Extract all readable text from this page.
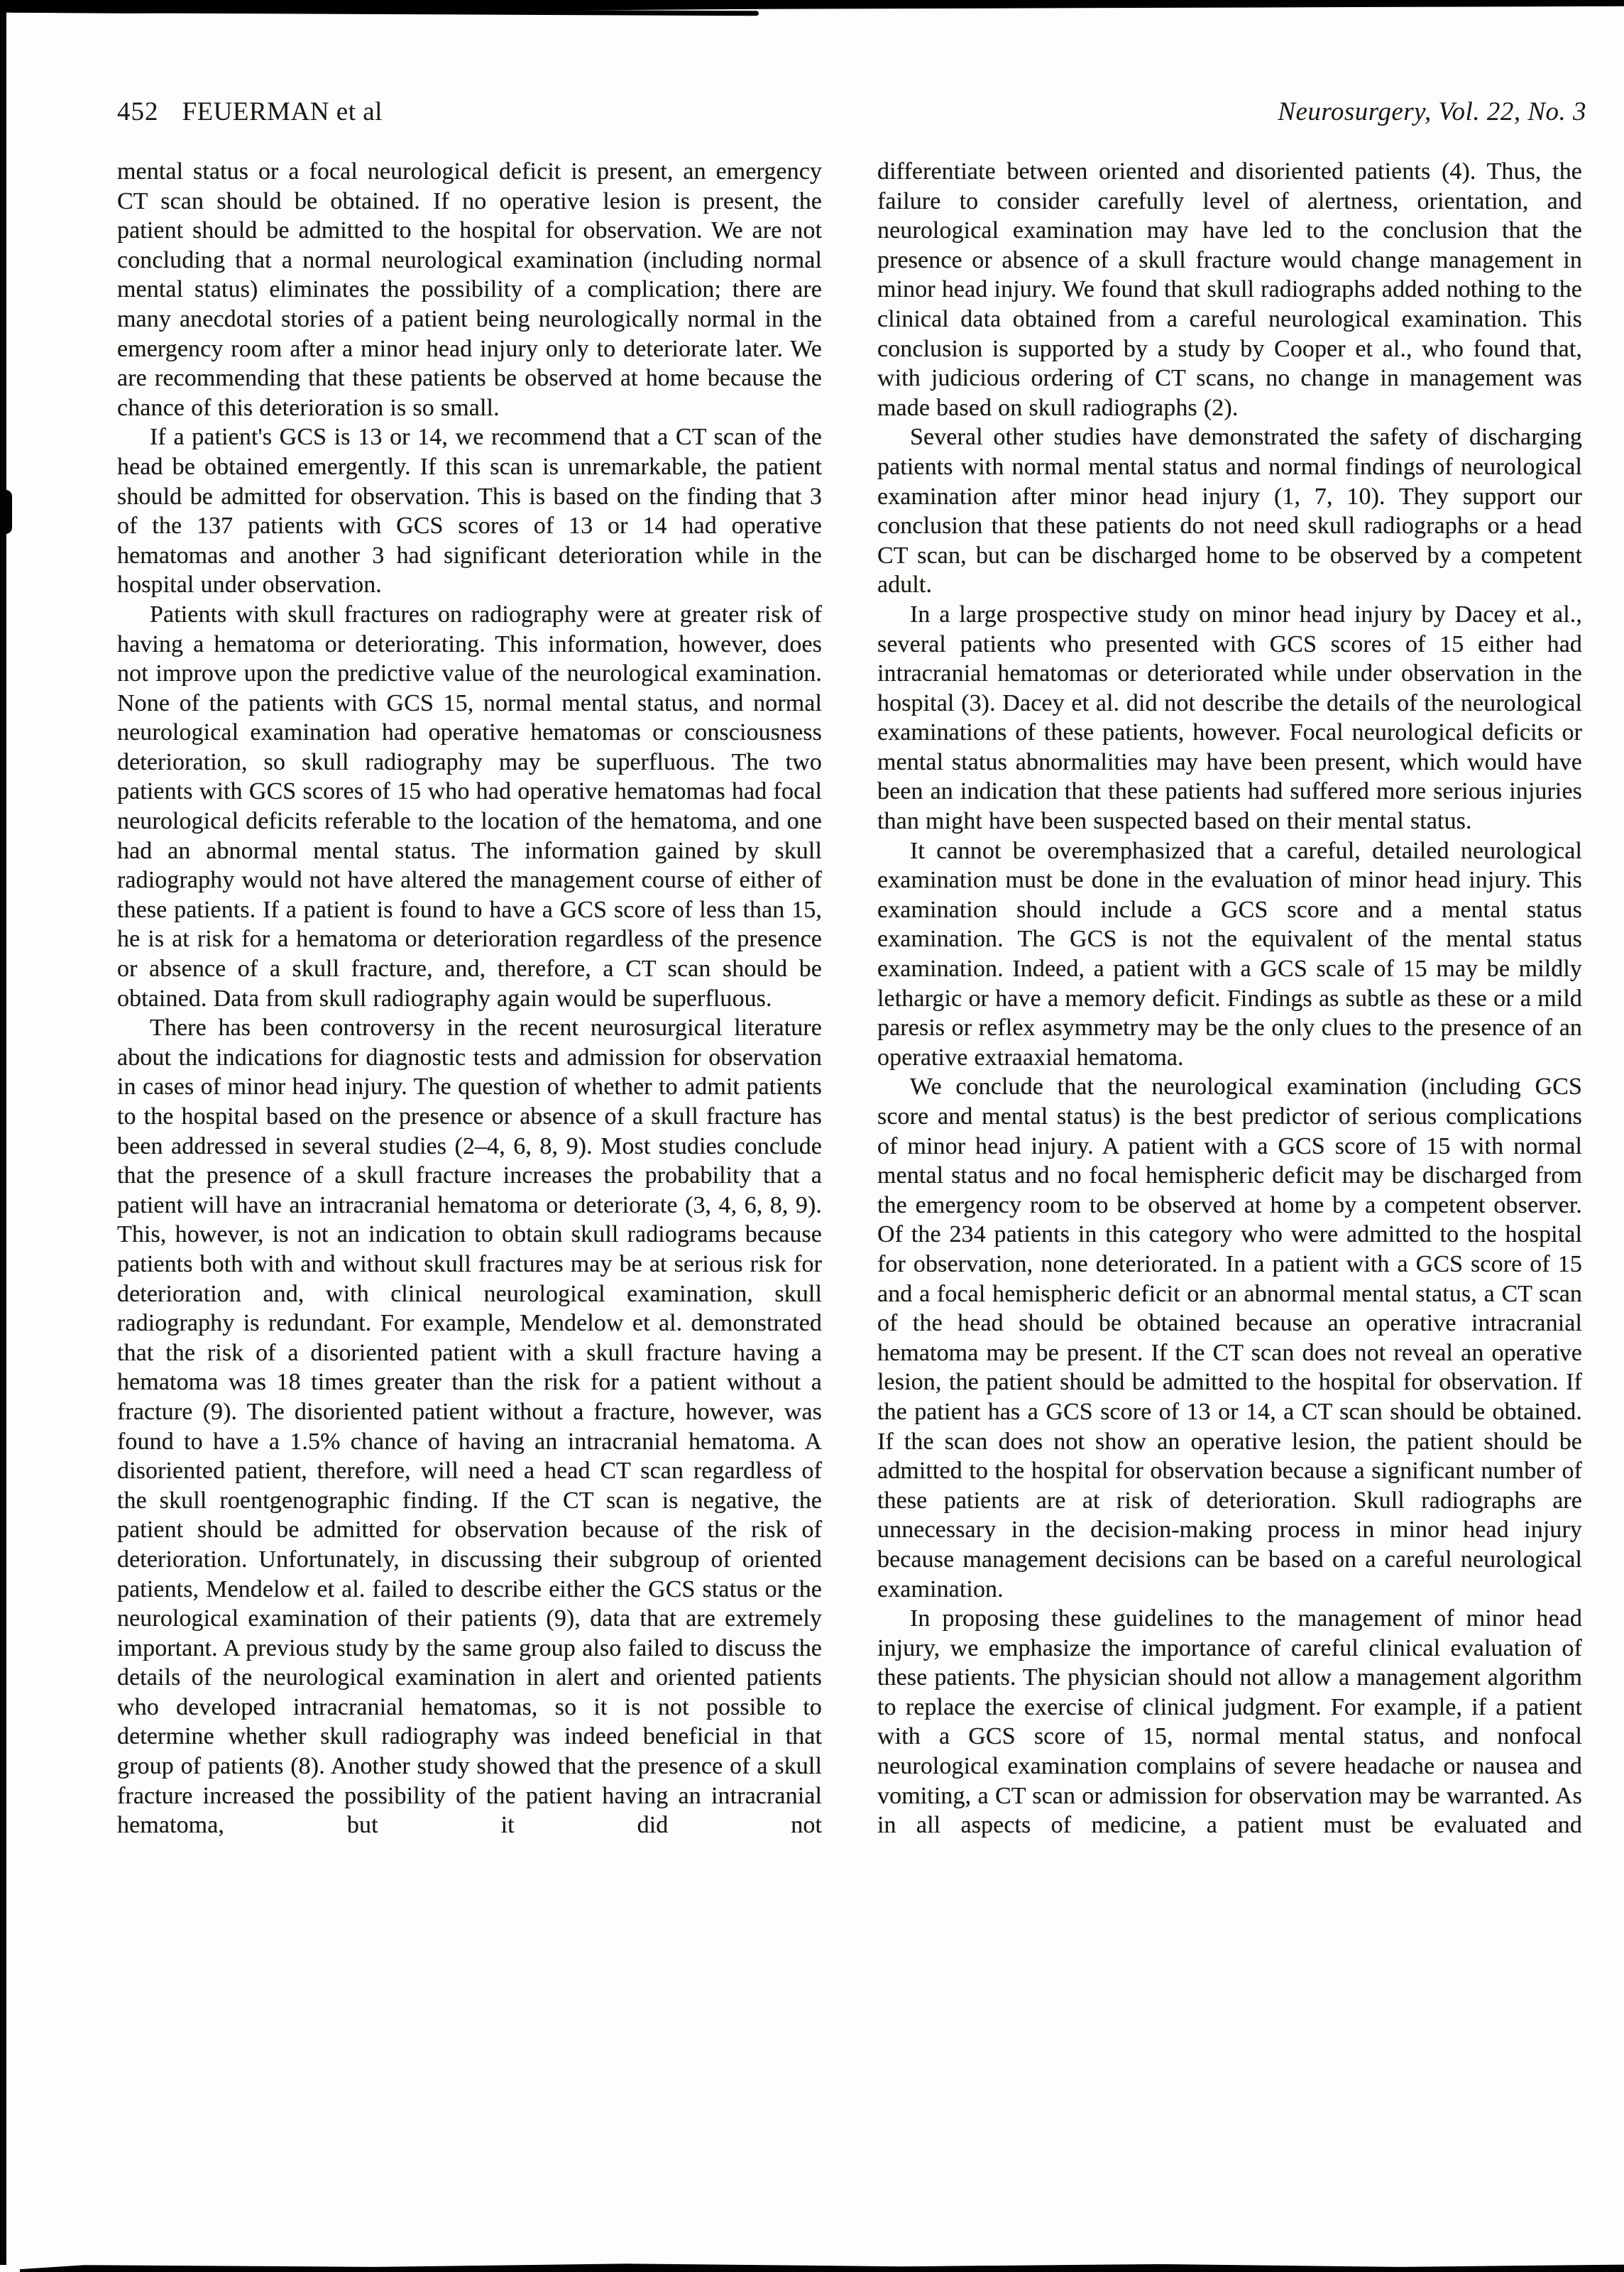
452 FEUERMAN et al	Neurosurgery, Vol. 22, No. 3

mental status or a focal neurological deficit is present, an emergency CT scan should be obtained. If no operative lesion is present, the patient should be admitted to the hospital for observation. We are not concluding that a normal neurological examination (including normal mental status) eliminates the possibility of a complication; there are many anecdotal stories of a patient being neurologically normal in the emergency room after a minor head injury only to deteriorate later. We are recommending that these patients be observed at home because the chance of this deterioration is so small.

If a patient's GCS is 13 or 14, we recommend that a CT scan of the head be obtained emergently. If this scan is unremarkable, the patient should be admitted for observation. This is based on the finding that 3 of the 137 patients with GCS scores of 13 or 14 had operative hematomas and another 3 had significant deterioration while in the hospital under observation.

Patients with skull fractures on radiography were at greater risk of having a hematoma or deteriorating. This information, however, does not improve upon the predictive value of the neurological examination. None of the patients with GCS 15, normal mental status, and normal neurological examination had operative hematomas or consciousness deterioration, so skull radiography may be superfluous. The two patients with GCS scores of 15 who had operative hematomas had focal neurological deficits referable to the location of the hematoma, and one had an abnormal mental status. The information gained by skull radiography would not have altered the management course of either of these patients. If a patient is found to have a GCS score of less than 15, he is at risk for a hematoma or deterioration regardless of the presence or absence of a skull fracture, and, therefore, a CT scan should be obtained. Data from skull radiography again would be superfluous.

There has been controversy in the recent neurosurgical literature about the indications for diagnostic tests and admission for observation in cases of minor head injury. The question of whether to admit patients to the hospital based on the presence or absence of a skull fracture has been addressed in several studies (2–4, 6, 8, 9). Most studies conclude that the presence of a skull fracture increases the probability that a patient will have an intracranial hematoma or deteriorate (3, 4, 6, 8, 9). This, however, is not an indication to obtain skull radiograms because patients both with and without skull fractures may be at serious risk for deterioration and, with clinical neurological examination, skull radiography is redundant. For example, Mendelow et al. demonstrated that the risk of a disoriented patient with a skull fracture having a hematoma was 18 times greater than the risk for a patient without a fracture (9). The disoriented patient without a fracture, however, was found to have a 1.5% chance of having an intracranial hematoma. A disoriented patient, therefore, will need a head CT scan regardless of the skull roentgenographic finding. If the CT scan is negative, the patient should be admitted for observation because of the risk of deterioration. Unfortunately, in discussing their subgroup of oriented patients, Mendelow et al. failed to describe either the GCS status or the neurological examination of their patients (9), data that are extremely important. A previous study by the same group also failed to discuss the details of the neurological examination in alert and oriented patients who developed intracranial hematomas, so it is not possible to determine whether skull radiography was indeed beneficial in that group of patients (8). Another study showed that the presence of a skull fracture increased the possibility of the patient having an intracranial hematoma, but it did not

differentiate between oriented and disoriented patients (4). Thus, the failure to consider carefully level of alertness, orientation, and neurological examination may have led to the conclusion that the presence or absence of a skull fracture would change management in minor head injury. We found that skull radiographs added nothing to the clinical data obtained from a careful neurological examination. This conclusion is supported by a study by Cooper et al., who found that, with judicious ordering of CT scans, no change in management was made based on skull radiographs (2).

Several other studies have demonstrated the safety of discharging patients with normal mental status and normal findings of neurological examination after minor head injury (1, 7, 10). They support our conclusion that these patients do not need skull radiographs or a head CT scan, but can be discharged home to be observed by a competent adult.

In a large prospective study on minor head injury by Dacey et al., several patients who presented with GCS scores of 15 either had intracranial hematomas or deteriorated while under observation in the hospital (3). Dacey et al. did not describe the details of the neurological examinations of these patients, however. Focal neurological deficits or mental status abnormalities may have been present, which would have been an indication that these patients had suffered more serious injuries than might have been suspected based on their mental status.

It cannot be overemphasized that a careful, detailed neurological examination must be done in the evaluation of minor head injury. This examination should include a GCS score and a mental status examination. The GCS is not the equivalent of the mental status examination. Indeed, a patient with a GCS scale of 15 may be mildly lethargic or have a memory deficit. Findings as subtle as these or a mild paresis or reflex asymmetry may be the only clues to the presence of an operative extraaxial hematoma.

We conclude that the neurological examination (including GCS score and mental status) is the best predictor of serious complications of minor head injury. A patient with a GCS score of 15 with normal mental status and no focal hemispheric deficit may be discharged from the emergency room to be observed at home by a competent observer. Of the 234 patients in this category who were admitted to the hospital for observation, none deteriorated. In a patient with a GCS score of 15 and a focal hemispheric deficit or an abnormal mental status, a CT scan of the head should be obtained because an operative intracranial hematoma may be present. If the CT scan does not reveal an operative lesion, the patient should be admitted to the hospital for observation. If the patient has a GCS score of 13 or 14, a CT scan should be obtained. If the scan does not show an operative lesion, the patient should be admitted to the hospital for observation because a significant number of these patients are at risk of deterioration. Skull radiographs are unnecessary in the decision-making process in minor head injury because management decisions can be based on a careful neurological examination.

In proposing these guidelines to the management of minor head injury, we emphasize the importance of careful clinical evaluation of these patients. The physician should not allow a management algorithm to replace the exercise of clinical judgment. For example, if a patient with a GCS score of 15, normal mental status, and nonfocal neurological examination complains of severe headache or nausea and vomiting, a CT scan or admission for observation may be warranted. As in all aspects of medicine, a patient must be evaluated and
